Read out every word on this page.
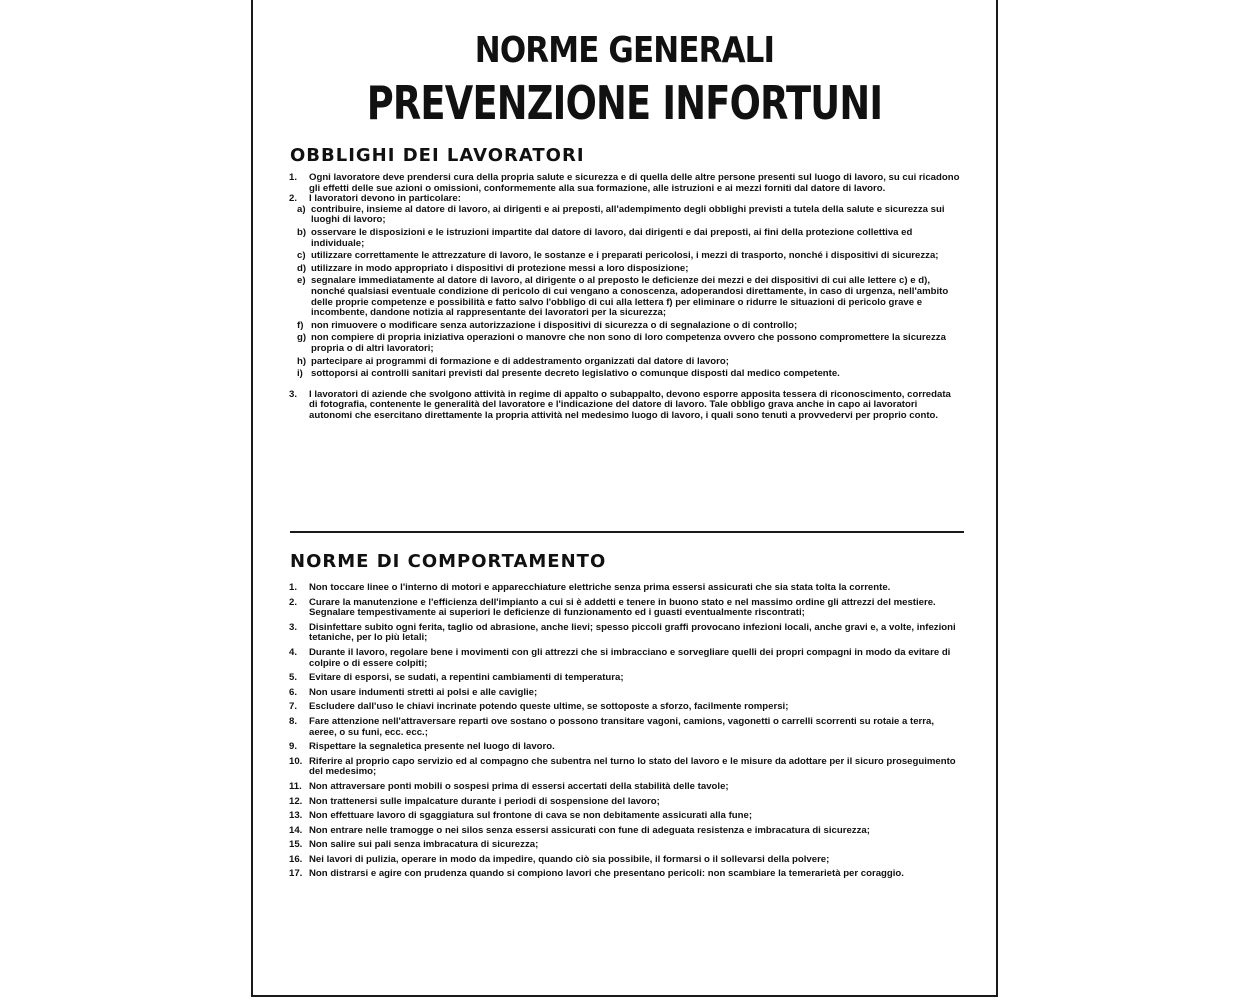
NORME GENERALI
PREVENZIONE INFORTUNI
OBBLIGHI DEI LAVORATORI
1.	Ogni lavoratore deve prendersi cura della propria salute e sicurezza e di quella delle altre persone presenti sul luogo di lavoro, su cui ricadono gli effetti delle sue azioni o omissioni, conformemente alla sua formazione, alle istruzioni e ai mezzi forniti dal datore di lavoro.
2.	I lavoratori devono in particolare:
a) contribuire, insieme al datore di lavoro, ai dirigenti e ai preposti, all'adempimento degli obblighi previsti a tutela della salute e sicurezza sui luoghi di lavoro;
b) osservare le disposizioni e le istruzioni impartite dal datore di lavoro, dai dirigenti e dai preposti, ai fini della protezione collettiva ed individuale;
c) utilizzare correttamente le attrezzature di lavoro, le sostanze e i preparati pericolosi, i mezzi di trasporto, nonché i dispositivi di sicurezza;
d) utilizzare in modo appropriato i dispositivi di protezione messi a loro disposizione;
e) segnalare immediatamente al datore di lavoro, al dirigente o al preposto le deficienze dei mezzi e dei dispositivi di cui alle lettere c) e d), nonché qualsiasi eventuale condizione di pericolo di cui vengano a conoscenza, adoperandosi direttamente, in caso di urgenza, nell'ambito delle proprie competenze e possibilità e fatto salvo l'obbligo di cui alla lettera f) per eliminare o ridurre le situazioni di pericolo grave e incombente, dandone notizia al rappresentante dei lavoratori per la sicurezza;
f) non rimuovere o modificare senza autorizzazione i dispositivi di sicurezza o di segnalazione o di controllo;
g) non compiere di propria iniziativa operazioni o manovre che non sono di loro competenza ovvero che possono compromettere la sicurezza propria o di altri lavoratori;
h) partecipare ai programmi di formazione e di addestramento organizzati dal datore di lavoro;
i) sottoporsi ai controlli sanitari previsti dal presente decreto legislativo o comunque disposti dal medico competente.
3.	I lavoratori di aziende che svolgono attività in regime di appalto o subappalto, devono esporre apposita tessera di riconoscimento, corredata di fotografia, contenente le generalità del lavoratore e l'indicazione del datore di lavoro. Tale obbligo grava anche in capo ai lavoratori autonomi che esercitano direttamente la propria attività nel medesimo luogo di lavoro, i quali sono tenuti a provvedervi per proprio conto.
NORME DI COMPORTAMENTO
1.	Non toccare linee o l'interno di motori e apparecchiature elettriche senza prima essersi assicurati che sia stata tolta la corrente.
2.	Curare la manutenzione e l'efficienza dell'impianto a cui si è addetti e tenere in buono stato e nel massimo ordine gli attrezzi del mestiere. Segnalare tempestivamente ai superiori le deficienze di funzionamento ed i guasti eventualmente riscontrati;
3.	Disinfettare subito ogni ferita, taglio od abrasione, anche lievi; spesso piccoli graffi provocano infezioni locali, anche gravi e, a volte, infezioni tetaniche, per lo più letali;
4.	Durante il lavoro, regolare bene i movimenti con gli attrezzi che si imbracciano e sorvegliare quelli dei propri compagni in modo da evitare di colpire o di essere colpiti;
5.	Evitare di esporsi, se sudati, a repentini cambiamenti di temperatura;
6.	Non usare indumenti stretti ai polsi e alle caviglie;
7.	Escludere dall'uso le chiavi incrinate potendo queste ultime, se sottoposte a sforzo, facilmente rompersi;
8.	Fare attenzione nell'attraversare reparti ove sostano o possono transitare vagoni, camions, vagonetti o carrelli scorrenti su rotaie a terra, aeree, o su funi, ecc. ecc.;
9.	Rispettare la segnaletica presente nel luogo di lavoro.
10. Riferire al proprio capo servizio ed al compagno che subentra nel turno lo stato del lavoro e le misure da adottare per il sicuro proseguimento del medesimo;
11. Non attraversare ponti mobili o sospesi prima di essersi accertati della stabilità delle tavole;
12. Non trattenersi sulle impalcature durante i periodi di sospensione del lavoro;
13. Non effettuare lavoro di sgaggiatura sul frontone di cava se non debitamente assicurati alla fune;
14. Non entrare nelle tramogge o nei silos senza essersi assicurati con fune di adeguata resistenza e imbracatura di sicurezza;
15. Non salire sui pali senza imbracatura di sicurezza;
16. Nei lavori di pulizia, operare in modo da impedire, quando ciò sia possibile, il formarsi o il sollevarsi della polvere;
17. Non distrarsi e agire con prudenza quando si compiono lavori che presentano pericoli: non scambiare la temerarietà per coraggio.
